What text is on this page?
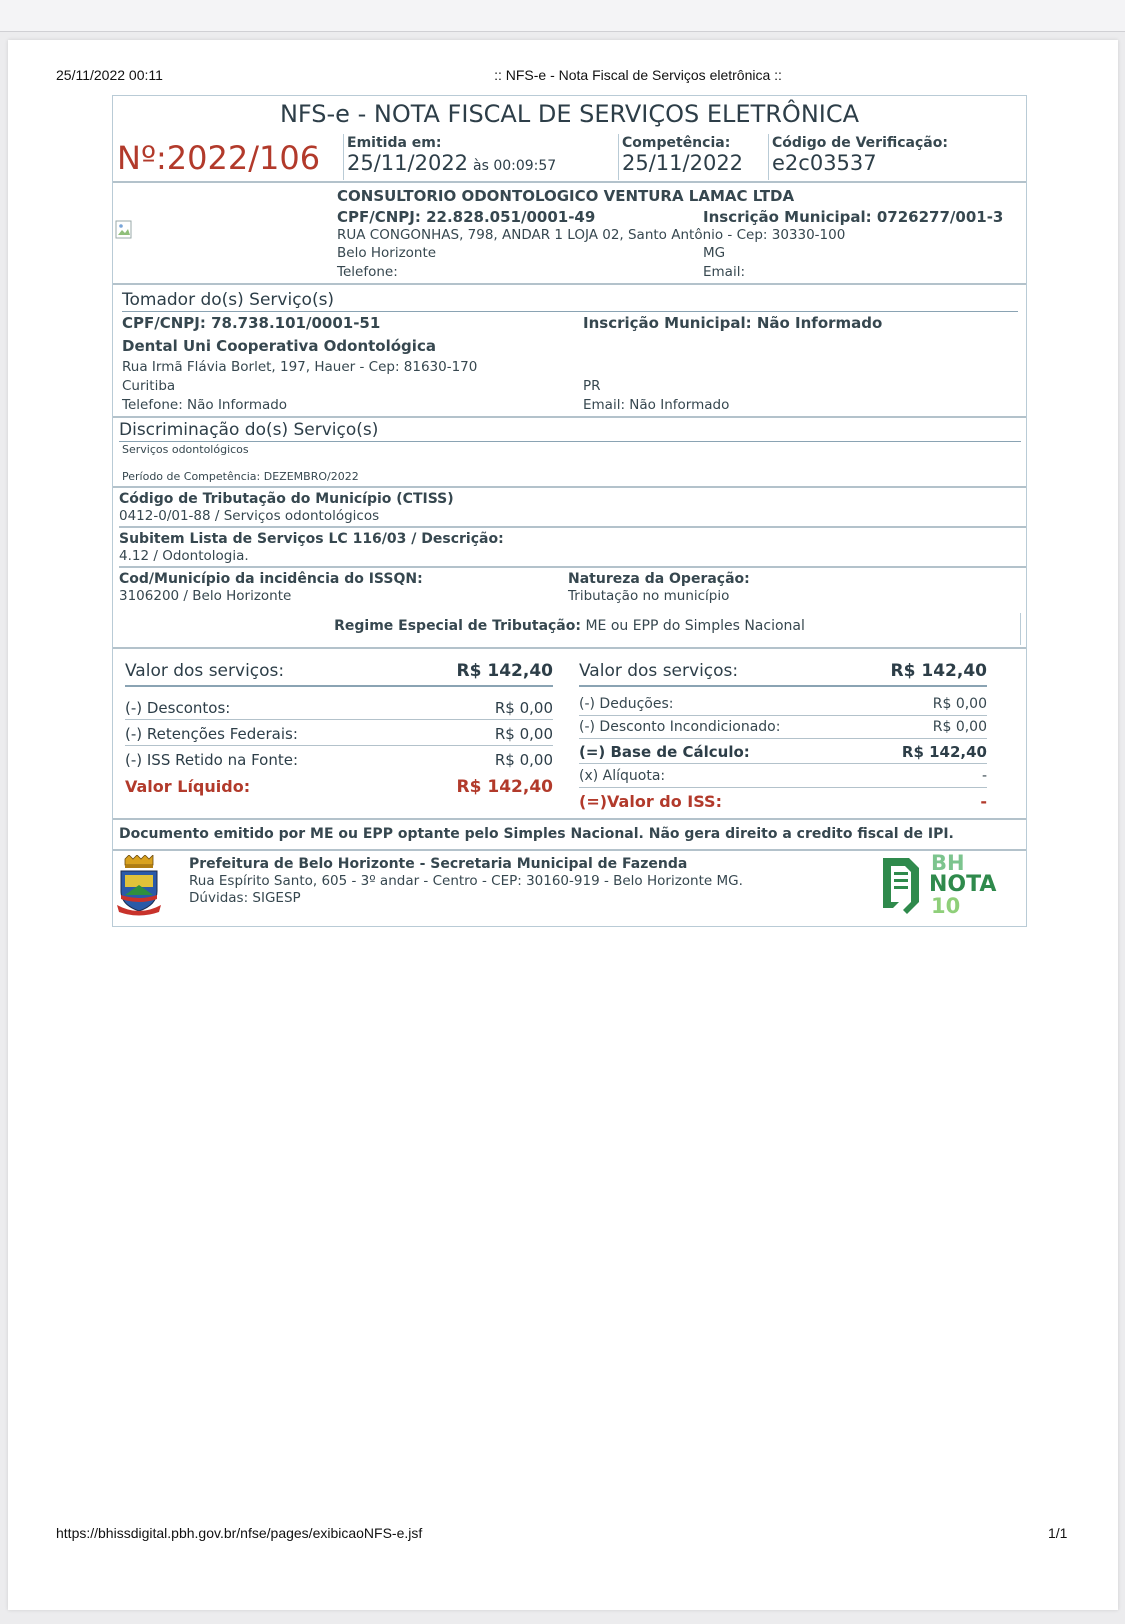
25/11/2022 00:11	:: NFS-e - Nota Fiscal de Serviços eletrônica ::
https://bhissdigital.pbh.gov.br/nfse/pages/exibicaoNFS-e.jsf	1/1
NFS-e - NOTA FISCAL DE SERVIÇOS ELETRÔNICA
Nº:2022/106 Emitida em:
25/11/2022 às 00:09:57
Competência:
25/11/2022
Código de Verificação:
e2c03537
CONSULTORIO ODONTOLOGICO VENTURA LAMAC LTDA
CPF/CNPJ: 22.828.051/0001-49	Inscrição Municipal: 0726277/001-3
RUA CONGONHAS, 798, ANDAR 1 LOJA 02, Santo Antônio - Cep: 30330-100
Belo Horizonte	MG
Telefone:	Email:
Tomador do(s) Serviço(s)
CPF/CNPJ: 78.738.101/0001-51	Inscrição Municipal: Não Informado
Dental Uni Cooperativa Odontológica
Rua Irmã Flávia Borlet, 197, Hauer - Cep: 81630-170
Curitiba	PR
Telefone: Não Informado	Email: Não Informado
Discriminação do(s) Serviço(s)
Serviços odontológicos
Período de Competência: DEZEMBRO/2022
Código de Tributação do Município (CTISS)
0412-0/01-88 / Serviços odontológicos
Subitem Lista de Serviços LC 116/03 / Descrição:
4.12 / Odontologia.
Cod/Município da incidência do ISSQN:
3106200 / Belo Horizonte
Natureza da Operação:
Tributação no município
Regime Especial de Tributação: ME ou EPP do Simples Nacional
Valor dos serviços:	R$ 142,40
(-) Descontos:	R$ 0,00
(-) Retenções Federais:	R$ 0,00
(-) ISS Retido na Fonte:	R$ 0,00
Valor Líquido:	R$ 142,40
Valor dos serviços:	R$ 142,40
(-) Deduções:	R$ 0,00
(-) Desconto Incondicionado:	R$ 0,00
(=) Base de Cálculo:	R$ 142,40
(x) Alíquota:	-
(=)Valor do ISS:	-
Documento emitido por ME ou EPP optante pelo Simples Nacional. Não gera direito a credito fiscal de IPI.
Prefeitura de Belo Horizonte - Secretaria Municipal de Fazenda
Rua Espírito Santo, 605 - 3º andar - Centro - CEP: 30160-919 - Belo Horizonte MG.
Dúvidas: SIGESP
BH
NOTA
10
